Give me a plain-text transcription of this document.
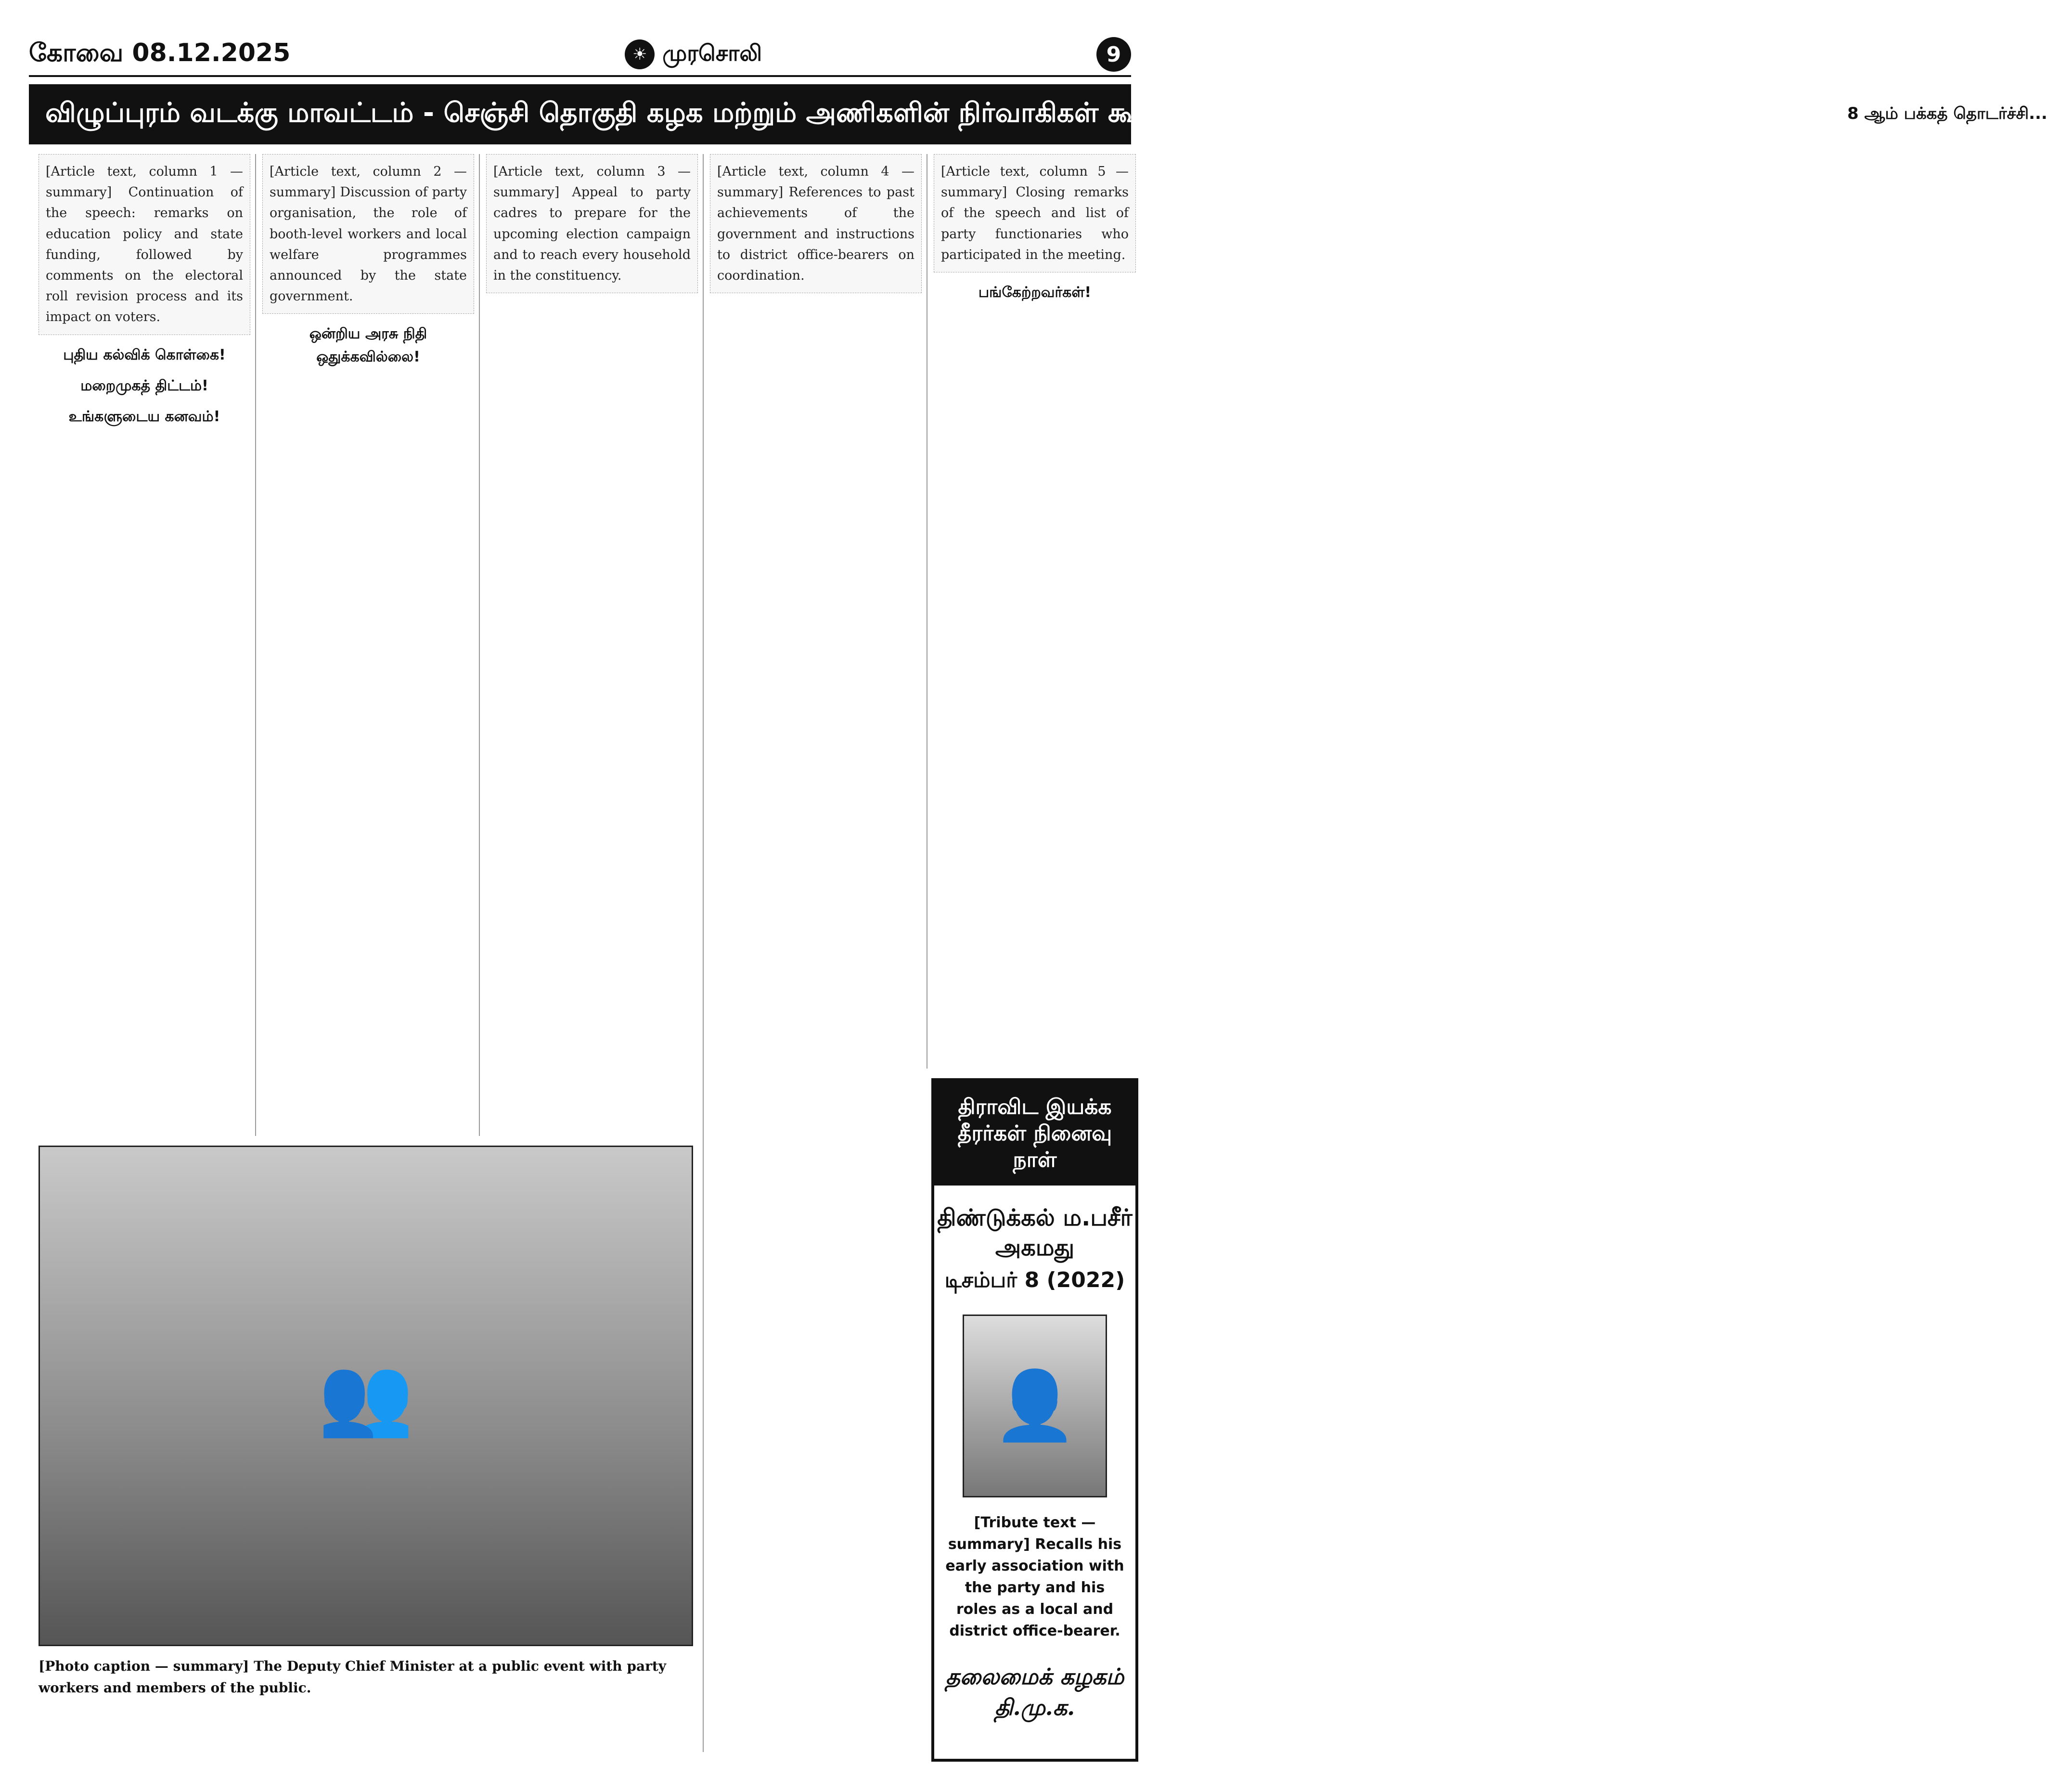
கோவை 08.12.2025	☀ முரசொலி	9
விழுப்புரம் வடக்கு மாவட்டம் - செஞ்சி தொகுதி கழக மற்றும் அணிகளின் நிர்வாகிகள் கூட்டத்தில் துணை முதலமைச்சர் உதயநிதி ஸ்டாலின் உரை! 8 ஆம் பக்கத் தொடர்ச்சி...

[Article text, column 1 — summary] Continuation of the speech: remarks on education policy and state funding, followed by comments on the electoral roll revision process and its impact on voters.

புதிய கல்விக் கொள்கை!
மறைமுகத் திட்டம்!
உங்களுடைய கனவம்!

[Article text, column 2 — summary] Discussion of party organisation, the role of booth-level workers and local welfare programmes announced by the state government.

ஒன்றிய அரசு நிதி ஒதுக்கவில்லை!

[Article text, column 3 — summary] Appeal to party cadres to prepare for the upcoming election campaign and to reach every household in the constituency.

[Article text, column 4 — summary] References to past achievements of the government and instructions to district office-bearers on coordination.

[Article text, column 5 — summary] Closing remarks of the speech and list of party functionaries who participated in the meeting.

பங்கேற்றவர்கள்!
👥
[Photo caption — summary] The Deputy Chief Minister at a public event with party workers and members of the public.
திராவிட இயக்க தீரர்கள் நினைவு நாள்
திண்டுக்கல் ம.பசீர் அகமது
டிசம்பர் 8 (2022)
👤
[Tribute text — summary] Recalls his early association with the party and his roles as a local and district office-bearer.
தலைமைக் கழகம்
தி.மு.க.
